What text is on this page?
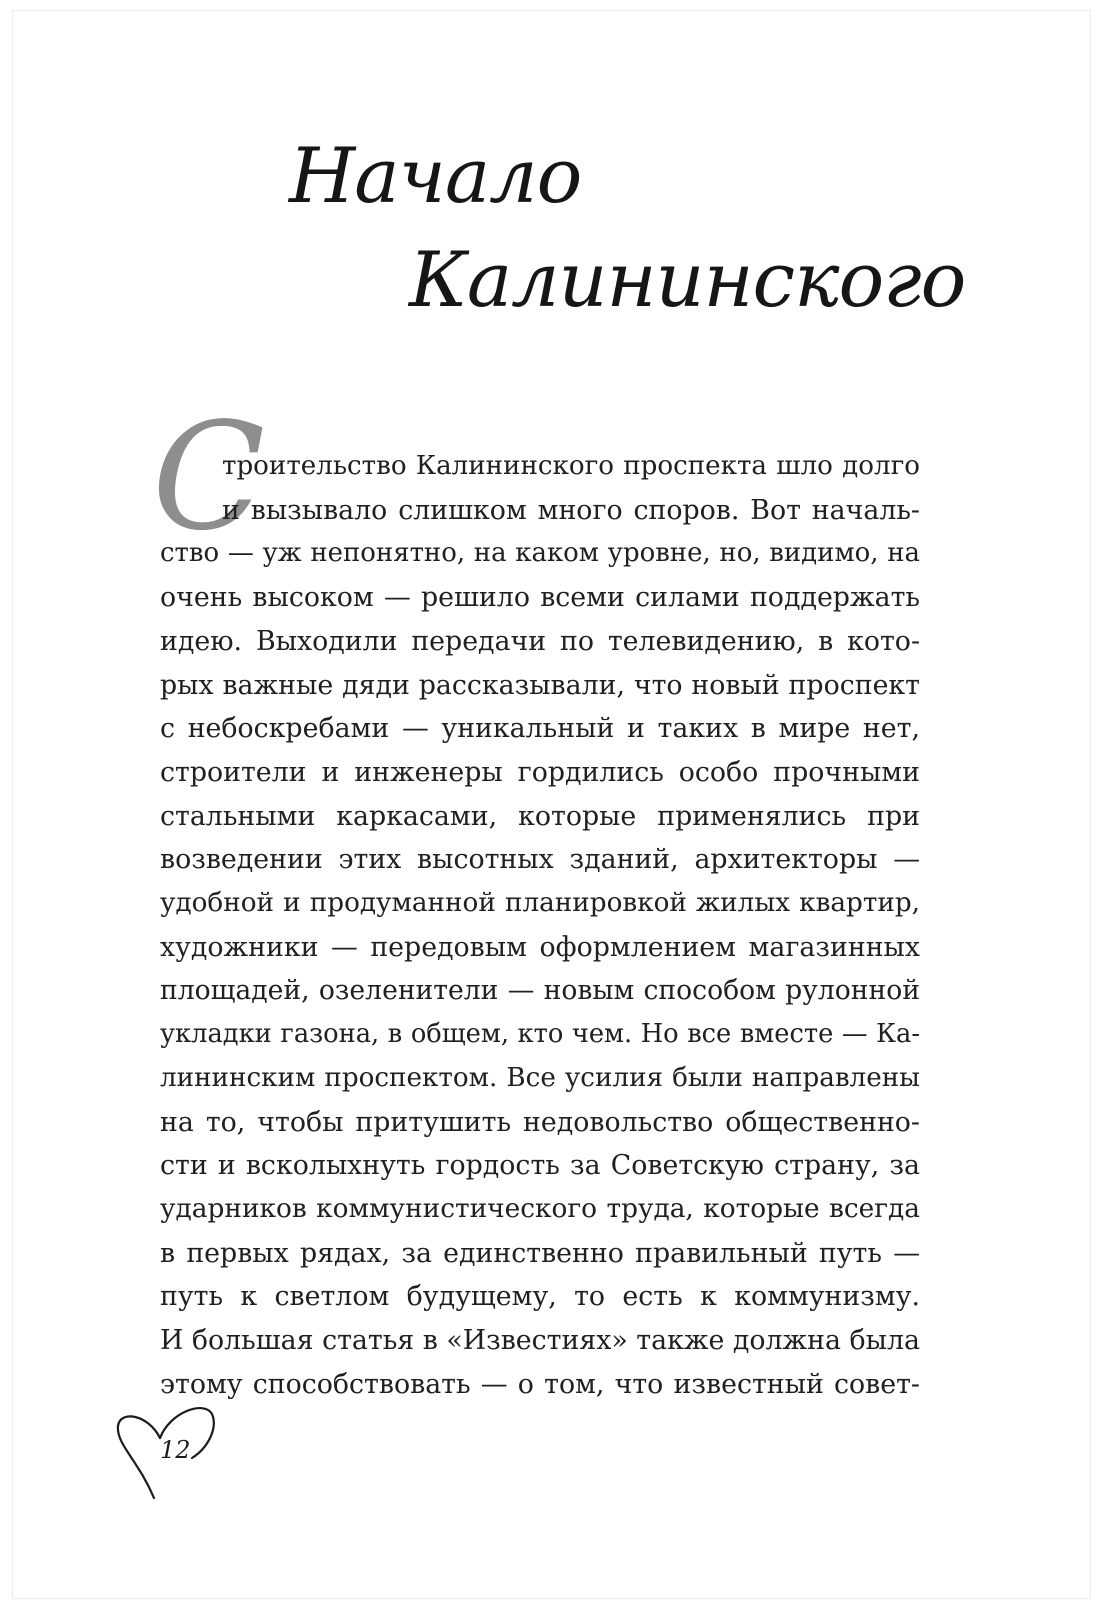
Начало
Калининского
С
троительство Калининского проспекта шло долго
и вызывало слишком много споров. Вот началь-
ство — уж непонятно, на каком уровне, но, видимо, на
очень высоком — решило всеми силами поддержать
идею. Выходили передачи по телевидению, в кото-
рых важные дяди рассказывали, что новый проспект
с небоскребами — уникальный и таких в мире нет,
строители и инженеры гордились особо прочными
стальными каркасами, которые применялись при
возведении этих высотных зданий, архитекторы —
удобной и продуманной планировкой жилых квартир,
художники — передовым оформлением магазинных
площадей, озеленители — новым способом рулонной
укладки газона, в общем, кто чем. Но все вместе — Ка-
лининским проспектом. Все усилия были направлены
на то, чтобы притушить недовольство общественно-
сти и всколыхнуть гордость за Советскую страну, за
ударников коммунистического труда, которые всегда
в первых рядах, за единственно правильный путь —
путь к светлом будущему, то есть к коммунизму.
И большая статья в «Известиях» также должна была
этому способствовать — о том, что известный совет-
12
